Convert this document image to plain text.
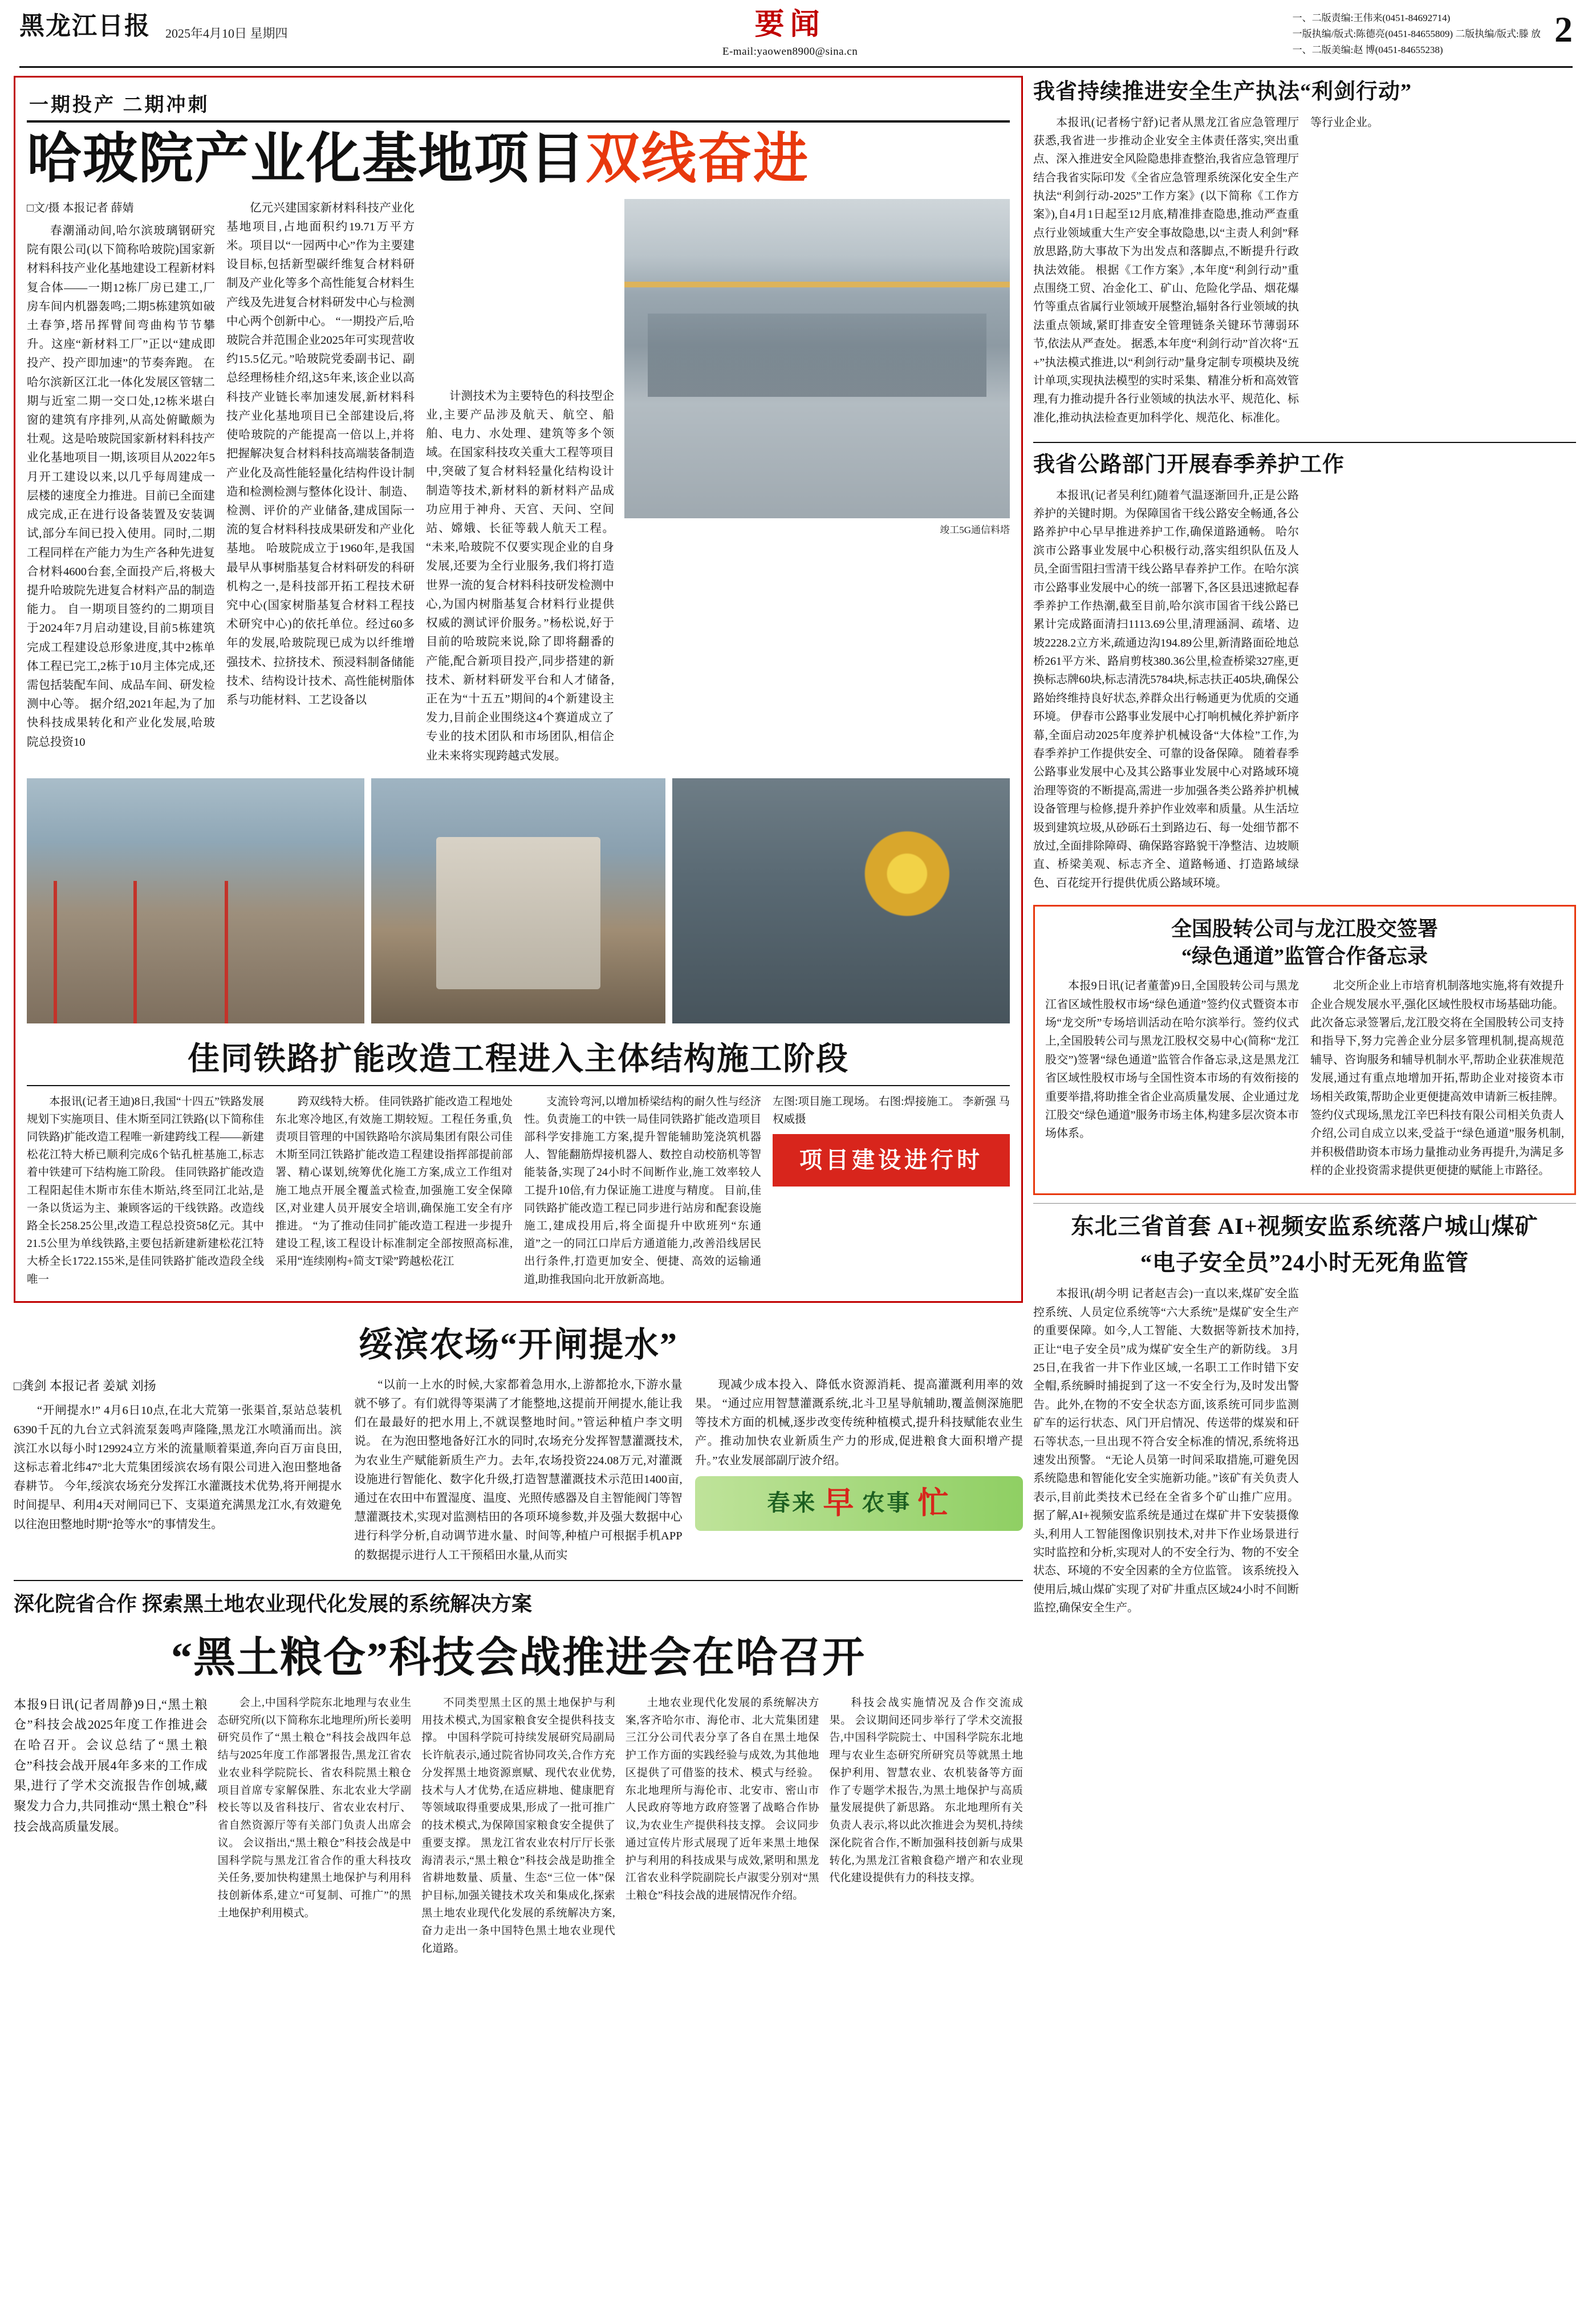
黑龙江日报 2025年4月10日 星期四	要闻
E-mail:yaowen8900@sina.cn
一、二版责编:王伟来(0451-84692714)
一版执编/版式:陈德亮(0451-84655809) 二版执编/版式:滕 放
一、二版美编:赵 博(0451-84655238)
2
一期投产 二期冲刺
哈玻院产业化基地项目双线奋进
□文/摄 本报记者 薛婧

春潮涌动间,哈尔滨玻璃钢研究院有限公司(以下简称哈玻院)国家新材料科技产业化基地建设工程新材料复合体——一期12栋厂房已建工,厂房车间内机器轰鸣;二期5栋建筑如破土春笋,塔吊挥臂间弯曲构节节攀升。这座“新材料工厂”正以“建成即投产、投产即加速”的节奏奔跑。 在哈尔滨新区江北一体化发展区管辖二期与近室二期一交口处,12栋米堪白窗的建筑有序排列,从高处俯瞰颇为壮观。这是哈玻院国家新材料科技产业化基地项目一期,该项目从2022年5月开工建设以来,以几乎每周建成一层楼的速度全力推进。目前已全面建成完成,正在进行设备装置及安装调试,部分车间已投入使用。同时,二期工程同样在产能力为生产各种先进复合材料4600台套,全面投产后,将极大提升哈玻院先进复合材料产品的制造能力。 自一期项目签约的二期项目于2024年7月启动建设,目前5栋建筑完成工程建设总形象进度,其中2栋单体工程已完工,2栋于10月主体完成,还需包括装配车间、成品车间、研发检测中心等。 据介绍,2021年起,为了加快科技成果转化和产业化发展,哈玻院总投资10

亿元兴建国家新材料科技产业化基地项目,占地面积约19.71万平方米。项目以“一园两中心”作为主要建设目标,包括新型碳纤维复合材料研制及产业化等多个高性能复合材料生产线及先进复合材料研发中心与检测中心两个创新中心。 “一期投产后,哈玻院合并范围企业2025年可实现营收约15.5亿元。”哈玻院党委副书记、副总经理杨桂介绍,这5年来,该企业以高科技产业链长率加速发展,新材料科技产业化基地项目已全部建设后,将使哈玻院的产能提高一倍以上,并将把握解决复合材料科技高端装备制造产业化及高性能轻量化结构件设计制造和检测检测与整体化设计、制造、检测、评价的产业储备,建成国际一流的复合材料科技成果研发和产业化基地。 哈玻院成立于1960年,是我国最早从事树脂基复合材料研发的科研机构之一,是科技部开拓工程技术研究中心(国家树脂基复合材料工程技术研究中心)的依托单位。经过60多年的发展,哈玻院现已成为以纤维增强技术、拉挤技术、预浸料制备储能技术、结构设计技术、高性能树脂体系与功能材料、工艺设备以

计测技术为主要特色的科技型企业,主要产品涉及航天、航空、船舶、电力、水处理、建筑等多个领域。在国家科技攻关重大工程等项目中,突破了复合材料轻量化结构设计制造等技术,新材料的新材料产品成功应用于神舟、天宫、天问、空间站、嫦娥、长征等载人航天工程。 “未来,哈玻院不仅要实现企业的自身发展,还要为全行业服务,我们将打造世界一流的复合材料科技研发检测中心,为国内树脂基复合材料行业提供权威的测试评价服务。”杨松说,好于目前的哈玻院来说,除了即将翻番的产能,配合新项目投产,同步搭建的新技术、新材料研发平台和人才储备,正在为“十五五”期间的4个新建设主发力,目前企业围绕这4个赛道成立了专业的技术团队和市场团队,相信企业未来将实现跨越式发展。

竣工5G通信料塔
佳同铁路扩能改造工程进入主体结构施工阶段

本报讯(记者王迪)8日,我国“十四五”铁路发展规划下实施项目、佳木斯至同江铁路(以下简称佳同铁路)扩能改造工程唯一新建跨线工程——新建松花江特大桥已顺利完成6个钻孔桩基施工,标志着中铁建可下结构施工阶段。 佳同铁路扩能改造工程阳起佳木斯市东佳木斯站,终至同江北站,是一条以货运为主、兼顾客运的干线铁路。改造线路全长258.25公里,改造工程总投资58亿元。其中21.5公里为单线铁路,主要包括新建新建松花江特大桥全长1722.155米,是佳同铁路扩能改造段全线唯一

跨双线特大桥。 佳同铁路扩能改造工程地处东北寒冷地区,有效施工期较短。工程任务重,负责项目管理的中国铁路哈尔滨局集团有限公司佳木斯至同江铁路扩能改造工程建设指挥部提前部署、精心谋划,统筹优化施工方案,成立工作组对施工地点开展全覆盖式检查,加强施工安全保障区,对业建人员开展安全培训,确保施工安全有序推进。 “为了推动佳同扩能改造工程进一步提升建设工程,该工程设计标准制定全部按照高标准,采用“连续刚构+简支T梁”跨越松花江

支流铃弯河,以增加桥梁结构的耐久性与经济性。负责施工的中铁一局佳同铁路扩能改造项目部科学安排施工方案,提升智能辅助笼浇筑机器人、智能翻筋焊接机器人、数控自动校筋机等智能装备,实现了24小时不间断作业,施工效率较人工提升10倍,有力保证施工进度与精度。 目前,佳同铁路扩能改造工程已同步进行站房和配套设施施工,建成投用后,将全面提升中欧班列“东通道”之一的同江口岸后方通道能力,改善沿线居民出行条件,打造更加安全、便捷、高效的运输通道,助推我国向北开放新高地。

左图:项目施工现场。 右图:焊接施工。 李新强 马权威摄

项目建设进行时
绥滨农场“开闸提水”
□龚剑 本报记者 姜斌 刘扬

“开闸提水!” 4月6日10点,在北大荒第一张渠首,泵站总装机6390千瓦的九台立式斜流泵轰鸣声隆隆,黑龙江水喷涌而出。滨滨江水以每小时129924立方米的流量顺着渠道,奔向百万亩良田,这标志着北纬47°北大荒集团绥滨农场有限公司进入泡田整地备春耕节。 今年,绥滨农场充分发挥江水灌溉技术优势,将开闸提水时间提早、利用4天对闸同已下、支渠道充满黑龙江水,有效避免以往泡田整地时期“抢等水”的事情发生。

“以前一上水的时候,大家都着急用水,上游都抢水,下游水量就不够了。有们就得等渠满了才能整地,这提前开闸提水,能让我们在最最好的把水用上,不就误整地时间。”管运种植户李文明说。 在为泡田整地备好江水的同时,农场充分发挥智慧灌溉技术,为农业生产赋能新质生产力。去年,农场投资224.08万元,对灌溉设施进行智能化、数字化升级,打造智慧灌溉技术示范田1400亩,通过在农田中布置湿度、温度、光照传感器及自主智能阀门等智慧灌溉技术,实现对监测桔田的各项环境参数,并及强大数据中心进行科学分析,自动调节进水量、时间等,种植户可根据手机APP的数据提示进行人工干预稻田水量,从而实

现减少成本投入、降低水资源消耗、提高灌溉利用率的效果。 “通过应用智慧灌溉系统,北斗卫星导航辅助,覆盖侧深施肥等技术方面的机械,逐步改变传统种植模式,提升科技赋能农业生产。推动加快农业新质生产力的形成,促进粮食大面积增产提升。”农业发展部副厅波介绍。

春来 早 农事 忙
深化院省合作 探索黑土地农业现代化发展的系统解决方案
“黑土粮仓”科技会战推进会在哈召开
本报9日讯(记者周静)9日,“黑土粮仓”科技会战2025年度工作推进会在哈召开。会议总结了“黑土粮仓”科技会战开展4年多来的工作成果,进行了学术交流报告作创城,藏聚发力合力,共同推动“黑土粮仓”科技会战高质量发展。

会上,中国科学院东北地理与农业生态研究所(以下简称东北地理所)所长姜明研究员作了“黑土粮仓”科技会战四年总结与2025年度工作部署报告,黑龙江省农业农业科学院院长、省农科院黑土粮仓项目首席专家解保胜、东北农业大学副校长等以及省科技厅、省农业农村厅、省自然资源厅等有关部门负责人出席会议。 会议指出,“黑土粮仓”科技会战是中国科学院与黑龙江省合作的重大科技攻关任务,要加快构建黑土地保护与利用科技创新体系,建立“可复制、可推广”的黑土地保护利用模式。

不同类型黑土区的黑土地保护与利用技术模式,为国家粮食安全提供科技支撑。 中国科学院可持续发展研究局副局长许航表示,通过院省协同攻关,合作方充分发挥黑土地资源禀赋、现代农业优势,技术与人才优势,在适应耕地、健康肥育等领域取得重要成果,形成了一批可推广的技术模式,为保障国家粮食安全提供了重要支撑。 黑龙江省农业农村厅厅长张海清表示,“黑土粮仓”科技会战是助推全省耕地数量、质量、生态“三位一体”保护目标,加强关键技术攻关和集成化,探索黑土地农业现代化发展的系统解决方案,奋力走出一条中国特色黑土地农业现代化道路。

土地农业现代化发展的系统解决方案,客齐哈尔市、海伦市、北大荒集团建三江分公司代表分享了各自在黑土地保护工作方面的实践经验与成效,为其他地区提供了可借鉴的技术、模式与经验。 东北地理所与海伦市、北安市、密山市人民政府等地方政府签署了战略合作协议,为农业生产提供科技支撑。 会议同步通过宣传片形式展现了近年来黑土地保护与利用的科技成果与成效,紧明和黑龙江省农业科学院副院长卢淑雯分别对“黑土粮仓”科技会战的进展情况作介绍。

科技会战实施情况及合作交流成果。 会议期间还同步举行了学术交流报告,中国科学院院士、中国科学院东北地理与农业生态研究所研究员等就黑土地保护利用、智慧农业、农机装备等方面作了专题学术报告,为黑土地保护与高质量发展提供了新思路。 东北地理所有关负责人表示,将以此次推进会为契机,持续深化院省合作,不断加强科技创新与成果转化,为黑龙江省粮食稳产增产和农业现代化建设提供有力的科技支撑。

我省持续推进安全生产执法“利剑行动”

本报讯(记者杨宁舒)记者从黑龙江省应急管理厅获悉,我省进一步推动企业安全主体责任落实,突出重点、深入推进安全风险隐患排查整治,我省应急管理厅结合我省实际印发《全省应急管理系统深化安全生产执法“利剑行动-2025”工作方案》(以下简称《工作方案》),自4月1日起至12月底,精准排查隐患,推动严查重点行业领域重大生产安全事故隐患,以“主责人利剑”释放思路,防大事故下为出发点和落脚点,不断提升行政执法效能。 根据《工作方案》,本年度“利剑行动”重点围绕工贸、冶金化工、矿山、危险化学品、烟花爆竹等重点省属行业领域开展整治,辐射各行业领域的执法重点领域,紧盯排查安全管理链条关键环节薄弱环节,依法从严查处。 据悉,本年度“利剑行动”首次将“五+”执法模式推进,以“利剑行动”量身定制专项模块及统计单项,实现执法模型的实时采集、精准分析和高效管理,有力推动提升各行业领域的执法水平、规范化、标准化,推动执法检查更加科学化、规范化、标准化。

等行业企业。

我省公路部门开展春季养护工作

本报讯(记者吴利红)随着气温逐渐回升,正是公路养护的关键时期。为保障国省干线公路安全畅通,各公路养护中心早早推进养护工作,确保道路通畅。 哈尔滨市公路事业发展中心积极行动,落实组织队伍及人员,全面雪阻扫雪清干线公路早春养护工作。在哈尔滨市公路事业发展中心的统一部署下,各区县迅速掀起春季养护工作热潮,截至目前,哈尔滨市国省干线公路已累计完成路面清扫1113.69公里,清理涵洞、疏堵、边坡2228.2立方米,疏通边沟194.89公里,新清路面砼地总桥261平方米、路肩剪枝380.36公里,检查桥梁327座,更换标志牌60块,标志清洗5784块,标志扶正405块,确保公路始终维持良好状态,养群众出行畅通更为优质的交通环境。 伊春市公路事业发展中心打响机械化养护新序幕,全面启动2025年度养护机械设备“大体检”工作,为春季养护工作提供安全、可靠的设备保障。 随着春季公路事业发展中心及其公路事业发展中心对路域环境治理等资的不断提高,需进一步加强各类公路养护机械设备管理与检修,提升养护作业效率和质量。从生活垃圾到建筑垃圾,从砂砾石土到路边石、每一处细节都不放过,全面排除障碍、确保路容路貌干净整洁、边坡顺直、桥梁美观、标志齐全、道路畅通、打造路域绿色、百花绽开行提供优质公路域环境。

全国股转公司与龙江股交签署
“绿色通道”监管合作备忘录

本报9日讯(记者董蕾)9日,全国股转公司与黑龙江省区域性股权市场“绿色通道”签约仪式暨资本市场“龙交所”专场培训活动在哈尔滨举行。签约仪式上,全国股转公司与黑龙江股权交易中心(简称“龙江股交”)签署“绿色通道”监管合作备忘录,这是黑龙江省区域性股权市场与全国性资本市场的有效衔接的重要举措,将助推全省企业高质量发展、企业通过龙江股交“绿色通道”服务市场主体,构建多层次资本市场体系。

北交所企业上市培育机制落地实施,将有效提升企业合规发展水平,强化区域性股权市场基础功能。 此次备忘录签署后,龙江股交将在全国股转公司支持和指导下,努力完善企业分层多管理机制,提高规范辅导、咨询服务和辅导机制水平,帮助企业获准规范发展,通过有重点地增加开拓,帮助企业对接资本市场相关政策,帮助企业更便捷高效申请新三板挂牌。 签约仪式现场,黑龙江辛巴科技有限公司相关负责人介绍,公司自成立以来,受益于“绿色通道”服务机制,并积极借助资本市场力量推动业务再提升,为满足多样的企业投资需求提供更便捷的赋能上市路径。

东北三省首套 AI+视频安监系统落户城山煤矿
“电子安全员”24小时无死角监管

本报讯(胡今明 记者赵吉会)一直以来,煤矿安全监控系统、人员定位系统等“六大系统”是煤矿安全生产的重要保障。如今,人工智能、大数据等新技术加持,正让“电子安全员”成为煤矿安全生产的新防线。 3月25日,在我省一井下作业区域,一名职工工作时错下安全帽,系统瞬时捕捉到了这一不安全行为,及时发出警告。此外,在物的不安全状态方面,该系统可同步监测矿车的运行状态、风门开启情况、传送带的煤炭和矸石等状态,一旦出现不符合安全标准的情况,系统将迅速发出预警。 “无论人员第一时间采取措施,可避免因系统隐患和智能化安全实施新功能。”该矿有关负责人表示,目前此类技术已经在全省多个矿山推广应用。 据了解,AI+视频安监系统是通过在煤矿井下安装摄像头,利用人工智能图像识别技术,对井下作业场景进行实时监控和分析,实现对人的不安全行为、物的不安全状态、环境的不安全因素的全方位监管。 该系统投入使用后,城山煤矿实现了对矿井重点区域24小时不间断监控,确保安全生产。
